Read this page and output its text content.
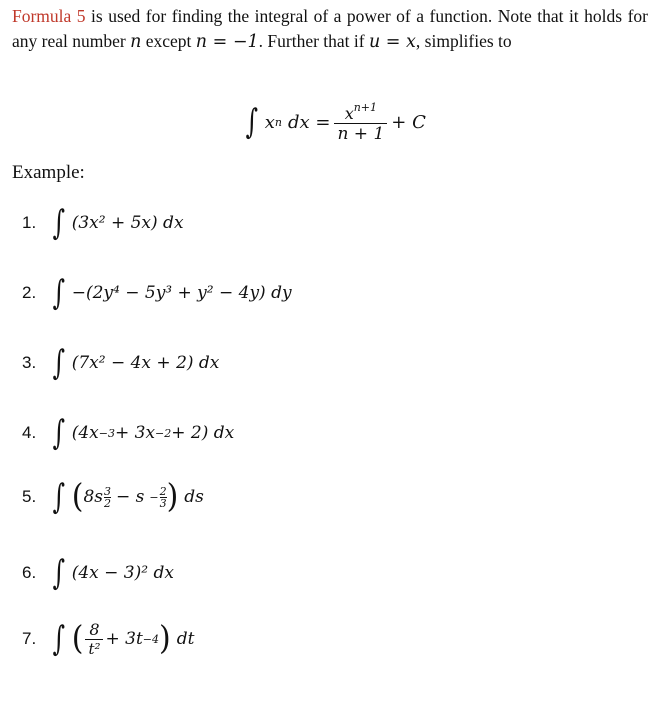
Formula 5 is used for finding the integral of a power of a function. Note that it holds for any real number n except n = −1. Further that if u = x, simplifies to
∫ x n dx = $\frac{x^{n+1}}{n + 1} + C$
Example:
1. ∫ (3x² + 5x) dx
2. ∫ −(2y⁴ − 5y³ + y² − 4y) dy
3. ∫ (7x² − 4x + 2) dx
4. ∫ (4x −3 + 3x −2 + 2) dx
5. ∫ ( $8s \frac{3}{2} - s - \frac{2}{3}$ ) ds
6. ∫ (4x − 3)² dx
7. ∫ ( $\frac{8}{\text{t²}} + 3t -4$ ) dt
